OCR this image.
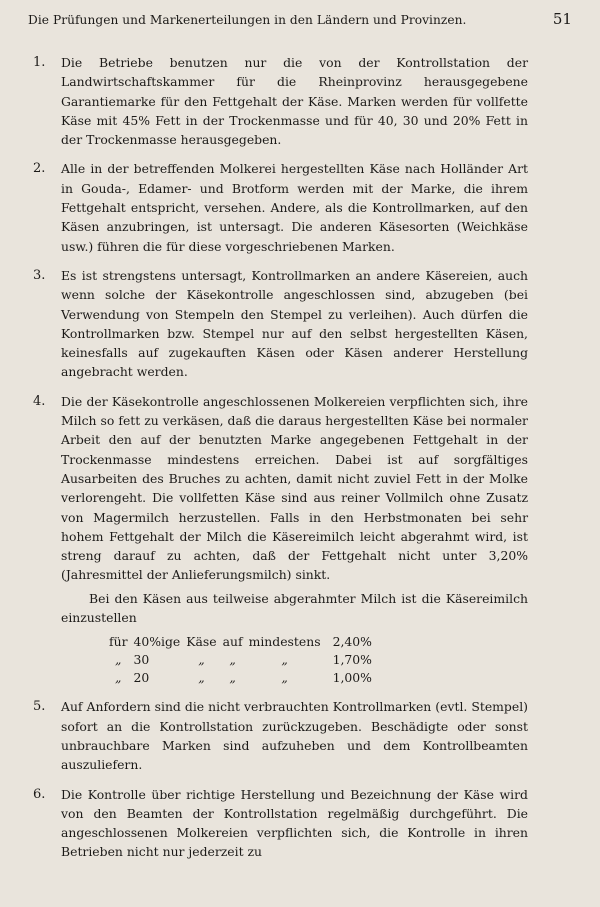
Die Prüfungen und Markenerteilungen in den Ländern und Provinzen.	51
1.	Die Betriebe benutzen nur die von der Kontrollstation der Landwirtschaftskammer für die Rheinprovinz herausgegebene Garantiemarke für den Fettgehalt der Käse. Marken werden für vollfette Käse mit 45% Fett in der Trockenmasse und für 40, 30 und 20% Fett in der Trockenmasse herausgegeben.

2.	Alle in der betreffenden Molkerei hergestellten Käse nach Holländer Art in Gouda-, Edamer- und Brotform werden mit der Marke, die ihrem Fettgehalt entspricht, versehen. Andere, als die Kontrollmarken, auf den Käsen anzubringen, ist untersagt. Die anderen Käsesorten (Weichkäse usw.) führen die für diese vorgeschriebenen Marken.

3.	Es ist strengstens untersagt, Kontrollmarken an andere Käsereien, auch wenn solche der Käsekontrolle angeschlossen sind, abzugeben (bei Verwendung von Stempeln den Stempel zu verleihen). Auch dürfen die Kontrollmarken bzw. Stempel nur auf den selbst hergestellten Käsen, keinesfalls auf zugekauften Käsen oder Käsen anderer Herstellung angebracht werden.

4.	Die der Käsekontrolle angeschlossenen Molkereien verpflichten sich, ihre Milch so fett zu verkäsen, daß die daraus hergestellten Käse bei normaler Arbeit den auf der benutzten Marke angegebenen Fettgehalt in der Trockenmasse mindestens erreichen. Dabei ist auf sorgfältiges Ausarbeiten des Bruches zu achten, damit nicht zuviel Fett in der Molke verlorengeht. Die vollfetten Käse sind aus reiner Vollmilch ohne Zusatz von Magermilch herzustellen. Falls in den Herbstmonaten bei sehr hohem Fettgehalt der Milch die Käsereimilch leicht abgerahmt wird, ist streng darauf zu achten, daß der Fettgehalt nicht unter 3,20% (Jahresmittel der Anlieferungsmilch) sinkt.

Bei den Käsen aus teilweise abgerahmter Milch ist die Käsereimilch einzustellen

für	40%ige	Käse	auf	mindestens	2,40%
„	30	„	„	„	1,70%
„	20	„	„	„	1,00%
5.	Auf Anfordern sind die nicht verbrauchten Kontrollmarken (evtl. Stempel) sofort an die Kontrollstation zurückzugeben. Beschädigte oder sonst unbrauchbare Marken sind aufzuheben und dem Kontrollbeamten auszuliefern.

6.	Die Kontrolle über richtige Herstellung und Bezeichnung der Käse wird von den Beamten der Kontrollstation regelmäßig durchgeführt. Die angeschlossenen Molkereien verpflichten sich, die Kontrolle in ihren Betrieben nicht nur jederzeit zu
